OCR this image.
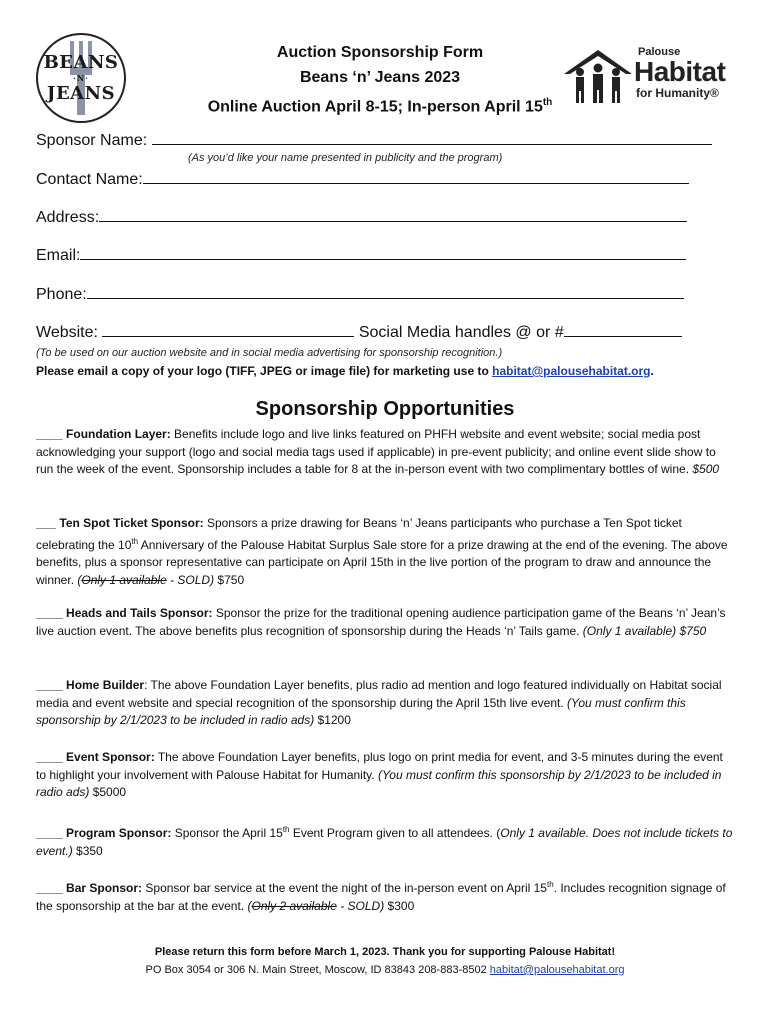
BEANS
·N·
JEANS
Auction Sponsorship Form
Beans ‘n’ Jeans 2023
Online Auction April 8-15; In-person April 15th
Palouse
Habitat
for Humanity®
Sponsor Name:
(As you’d like your name presented in publicity and the program)
Contact Name:
Address:
Email:
Phone:
Website:	Social Media handles @ or #
(To be used on our auction website and in social media advertising for sponsorship recognition.)
Please email a copy of your logo (TIFF, JPEG or image file) for marketing use to habitat@palousehabitat.org.
Sponsorship Opportunities
____ Foundation Layer: Benefits include logo and live links featured on PHFH website and event website; social media post acknowledging your support (logo and social media tags used if applicable) in pre-event publicity; and online event slide show to run the week of the event. Sponsorship includes a table for 8 at the in-person event with two complimentary bottles of wine. $500
___ Ten Spot Ticket Sponsor: Sponsors a prize drawing for Beans ‘n’ Jeans participants who purchase a Ten Spot ticket celebrating the 10th Anniversary of the Palouse Habitat Surplus Sale store for a prize drawing at the end of the evening. The above benefits, plus a sponsor representative can participate on April 15th in the live portion of the program to draw and announce the winner. (Only 1 available - SOLD) $750
____ Heads and Tails Sponsor: Sponsor the prize for the traditional opening audience participation game of the Beans ‘n’ Jean’s live auction event. The above benefits plus recognition of sponsorship during the Heads ‘n’ Tails game. (Only 1 available) $750
____ Home Builder: The above Foundation Layer benefits, plus radio ad mention and logo featured individually on Habitat social media and event website and special recognition of the sponsorship during the April 15th live event. (You must confirm this sponsorship by 2/1/2023 to be included in radio ads) $1200
____ Event Sponsor: The above Foundation Layer benefits, plus logo on print media for event, and 3-5 minutes during the event to highlight your involvement with Palouse Habitat for Humanity. (You must confirm this sponsorship by 2/1/2023 to be included in radio ads) $5000
____ Program Sponsor: Sponsor the April 15th Event Program given to all attendees. (Only 1 available. Does not include tickets to event.) $350
____ Bar Sponsor: Sponsor bar service at the event the night of the in-person event on April 15th. Includes recognition signage of the sponsorship at the bar at the event. (Only 2 available - SOLD) $300
Please return this form before March 1, 2023. Thank you for supporting Palouse Habitat!
PO Box 3054 or 306 N. Main Street, Moscow, ID 83843 208-883-8502 habitat@palousehabitat.org
